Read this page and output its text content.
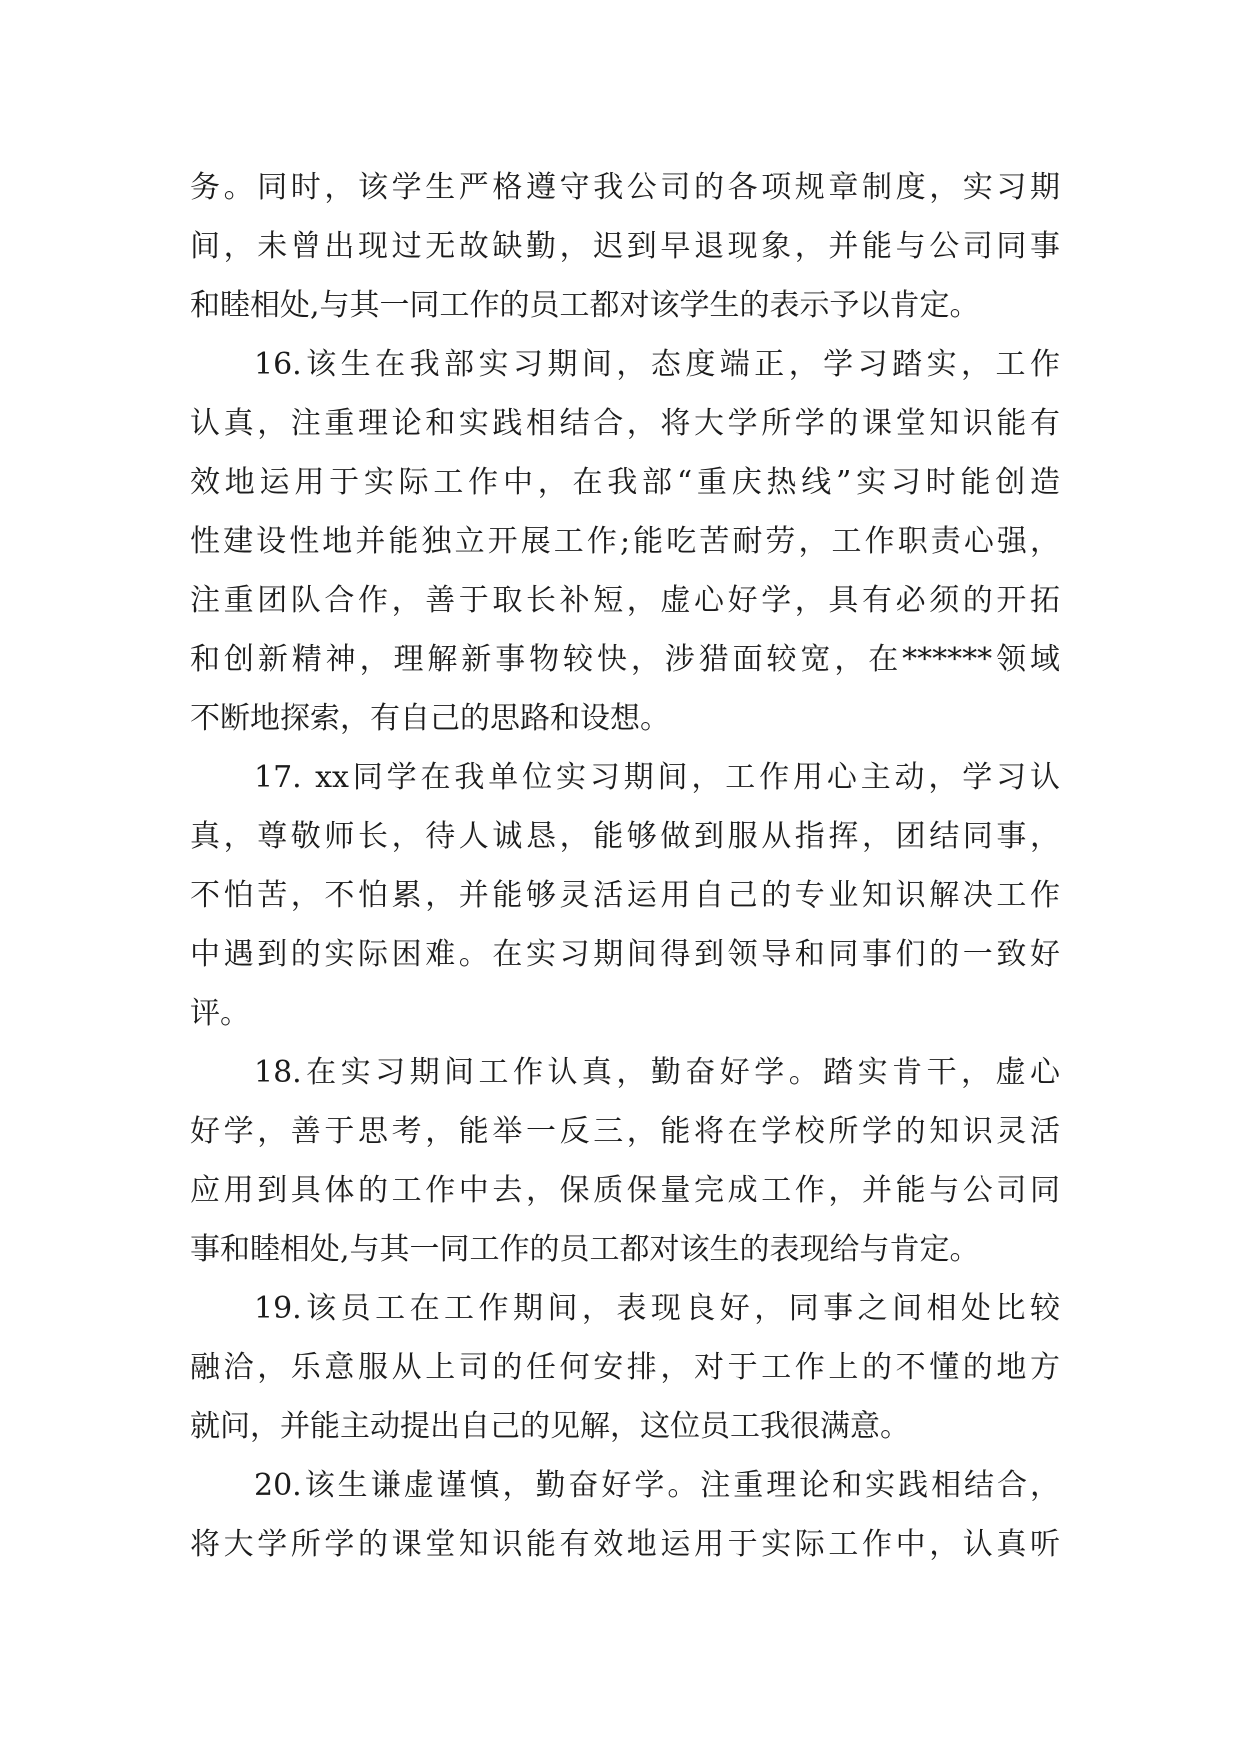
务。同时，该学生严格遵守我公司的各项规章制度，实习期
间，未曾出现过无故缺勤，迟到早退现象，并能与公司同事
和睦相处,与其一同工作的员工都对该学生的表示予以肯定。
16.该生在我部实习期间，态度端正，学习踏实，工作
认真，注重理论和实践相结合，将大学所学的课堂知识能有
效地运用于实际工作中，在我部“重庆热线”实习时能创造
性建设性地并能独立开展工作;能吃苦耐劳，工作职责心强，
注重团队合作，善于取长补短，虚心好学，具有必须的开拓
和创新精神，理解新事物较快，涉猎面较宽，在******领域
不断地探索，有自己的思路和设想。
17. xx同学在我单位实习期间，工作用心主动，学习认
真，尊敬师长，待人诚恳，能够做到服从指挥，团结同事，
不怕苦，不怕累，并能够灵活运用自己的专业知识解决工作
中遇到的实际困难。在实习期间得到领导和同事们的一致好
评。
18.在实习期间工作认真，勤奋好学。踏实肯干，虚心
好学，善于思考，能举一反三，能将在学校所学的知识灵活
应用到具体的工作中去，保质保量完成工作，并能与公司同
事和睦相处,与其一同工作的员工都对该生的表现给与肯定。
19.该员工在工作期间，表现良好，同事之间相处比较
融洽，乐意服从上司的任何安排，对于工作上的不懂的地方
就问，并能主动提出自己的见解，这位员工我很满意。
20.该生谦虚谨慎，勤奋好学。注重理论和实践相结合，
将大学所学的课堂知识能有效地运用于实际工作中，认真听
